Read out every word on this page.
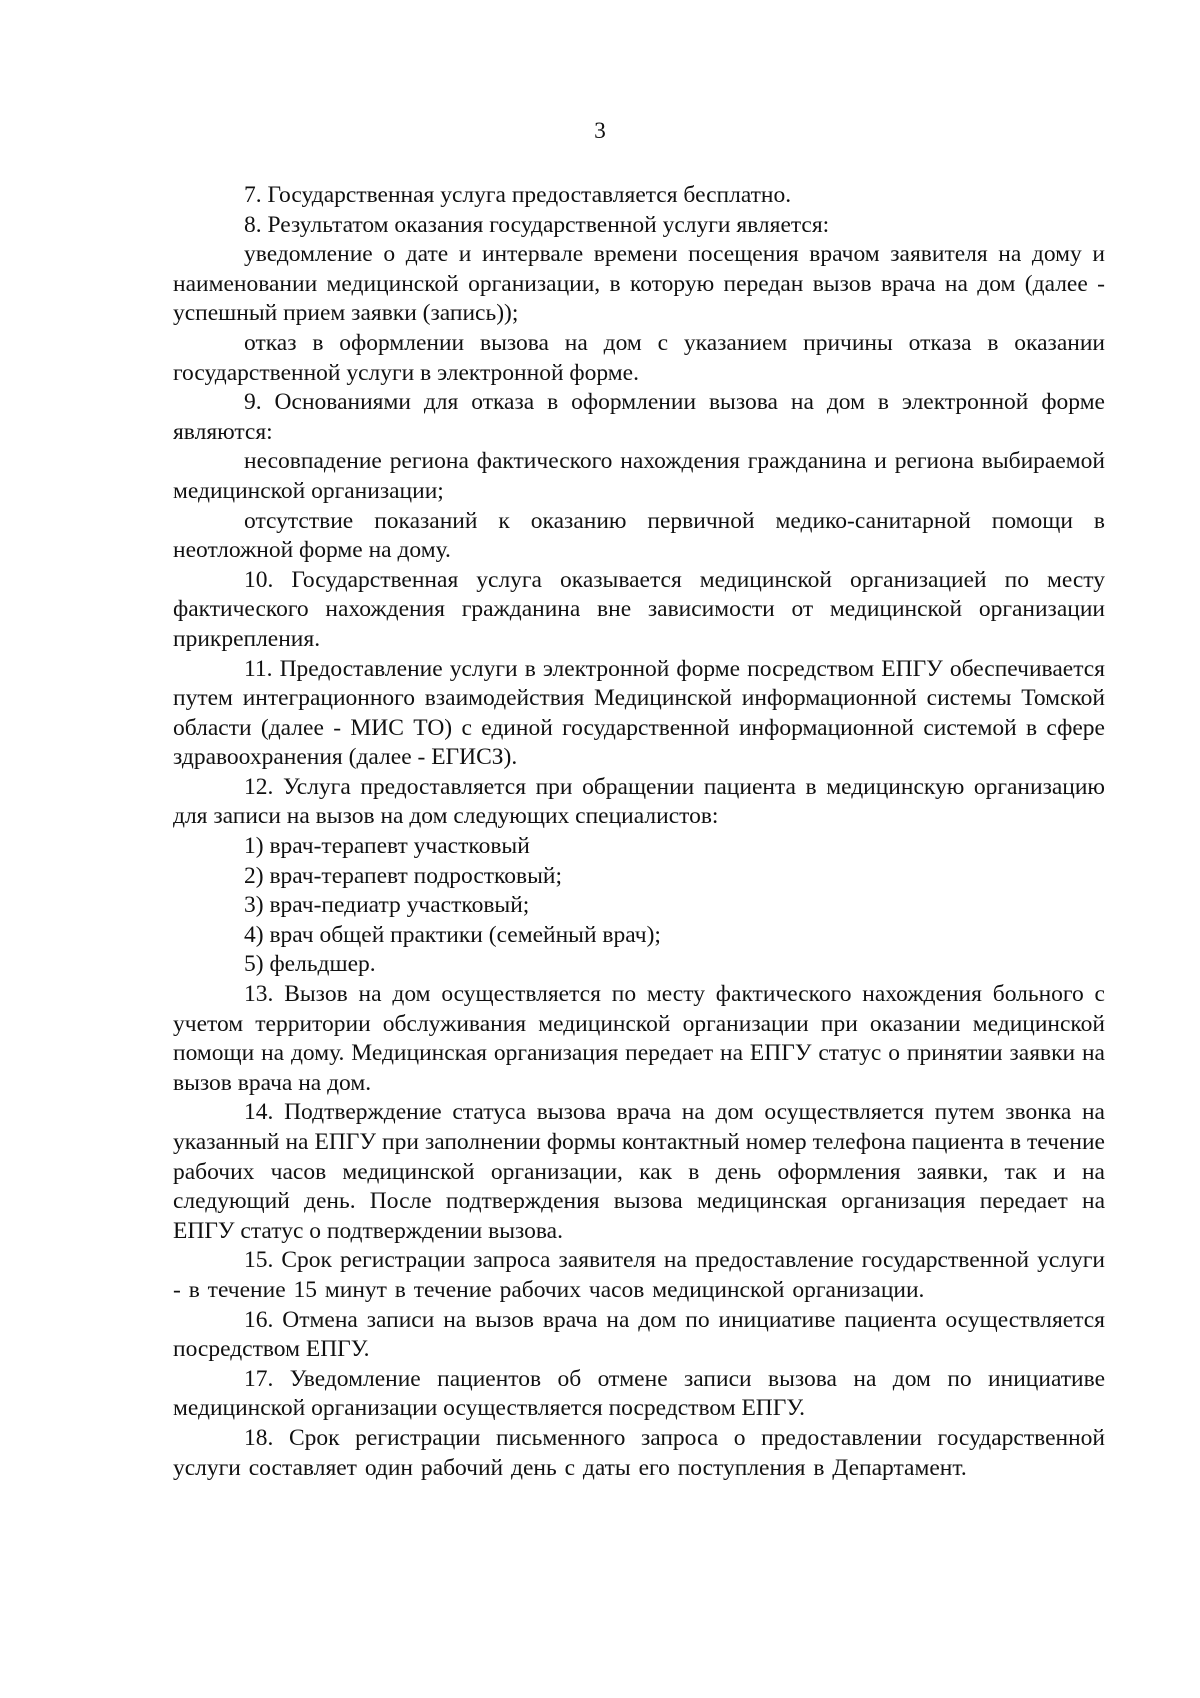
3

7. Государственная услуга предоставляется бесплатно.

8. Результатом оказания государственной услуги является:

уведомление о дате и интервале времени посещения врачом заявителя на дому и наименовании медицинской организации, в которую передан вызов врача на дом (далее - успешный прием заявки (запись));

отказ в оформлении вызова на дом с указанием причины отказа в оказании государственной услуги в электронной форме.

9. Основаниями для отказа в оформлении вызова на дом в электронной форме являются:

несовпадение региона фактического нахождения гражданина и региона выбираемой медицинской организации;

отсутствие показаний к оказанию первичной медико-санитарной помощи в неотложной форме на дому.

10. Государственная услуга оказывается медицинской организацией по месту фактического нахождения гражданина вне зависимости от медицинской организации прикрепления.

11. Предоставление услуги в электронной форме посредством ЕПГУ обеспечивается путем интеграционного взаимодействия Медицинской информационной системы Томской области (далее - МИС ТО) с единой государственной информационной системой в сфере здравоохранения (далее - ЕГИСЗ).

12. Услуга предоставляется при обращении пациента в медицинскую организацию для записи на вызов на дом следующих специалистов:

1) врач-терапевт участковый

2) врач-терапевт подростковый;

3) врач-педиатр участковый;

4) врач общей практики (семейный врач);

5) фельдшер.

13. Вызов на дом осуществляется по месту фактического нахождения больного с учетом территории обслуживания медицинской организации при оказании медицинской помощи на дому. Медицинская организация передает на ЕПГУ статус о принятии заявки на вызов врача на дом.

14. Подтверждение статуса вызова врача на дом осуществляется путем звонка на указанный на ЕПГУ при заполнении формы контактный номер телефона пациента в течение рабочих часов медицинской организации, как в день оформления заявки, так и на следующий день. После подтверждения вызова медицинская организация передает на ЕПГУ статус о подтверждении вызова.

15. Срок регистрации запроса заявителя на предоставление государственной услуги - в течение 15 минут в течение рабочих часов медицинской организации.

16. Отмена записи на вызов врача на дом по инициативе пациента осуществляется посредством ЕПГУ.

17. Уведомление пациентов об отмене записи вызова на дом по инициативе медицинской организации осуществляется посредством ЕПГУ.

18. Срок регистрации письменного запроса о предоставлении государственной услуги составляет один рабочий день с даты его поступления в Департамент.
